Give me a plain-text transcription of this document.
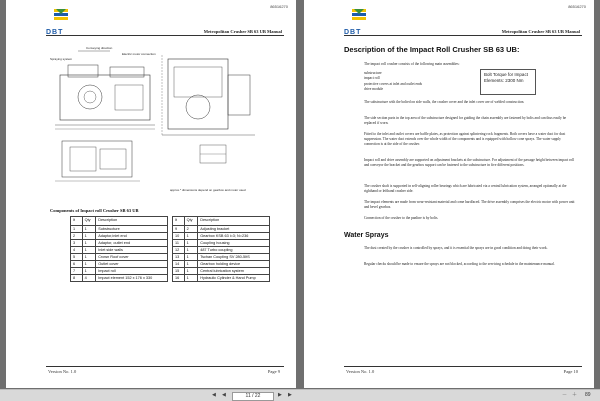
86516270
DBT	Metropolitan Crusher SB 63 UB Manual
Conveying direction
Electric motor connection
Spraying system
approx.* dimensions depend on gearbox and motor used
Components of Impact roll Crusher SB 63 UB
It	Qty	Description
1	1	Substructure
2	1	Adaptor,inlet end
3	1	Adaptor, outlet end
4	1	Inlet side walls
5	1	Crown Roof cover
6	1	Outlet cover
7	1	Impact roll
8	4	Impact element 152 x 176 x 330
It	Qty	Description
9	2	Adjusting bracket
10	1	Gearbox KSB 63 i=3; N=236
11	1	Coupling housing
12	1	487 Turbo coupling
13	1	Tschan Coupling SV 280-5ItS
14	1	Gearbox holding device
15	1	Central lubrication system
16	1	Hydraulic Cylinder & Hand Pump
Version No. 1.0	Page 9
86516270
DBT	Metropolitan Crusher SB 63 UB Manual
Description of the Impact Roll Crusher SB 63 UB:

The impact roll crusher consists of the following main assemblies:

substructure
impact roll
protective covers at inlet and outlet ends
drive module
Bolt Torque for Impact Elements: 2300 Nm

The substructure with the bolted on side walls, the crusher cover and the inlet cover are of welded construction.

The side section parts in the top area of the substructure designed for guiding the chain assembly are fastened by bolts and can thus easily be replaced if worn.

Fitted to the inlet and outlet covers are baffle plates, as protection against splintering rock fragments. Both covers have a water duct for dust suppression. The water duct extends over the whole width of the components and is equipped with hollow cone sprays. The water supply connection is at the side of the crusher.

Impact roll and drive assembly are supported on adjustment brackets at the substructure. For adjustment of the passage height between impact roll and conveyor the bracket and the gearbox support can be fastened to the substructure in five different positions.

The crusher shaft is supported in self-aligning roller bearings which are lubricated via a central lubrication system, arranged optionally at the righthand or lefthand crusher side.

The impact elements are made from wear-resistant material and come hardfaced. The drive assembly comprises the electric motor with power unit and bevel gearbox.

Connection of the crusher to the panline is by bolts.

Water Sprays

The dust created by the crusher is controlled by sprays, and it is essential the sprays are in good condition and doing their work.

Regular checks should be made to ensure the sprays are not blocked, according to the servicing schedule in the maintenance manual.

Version No. 1.0	Page 10
◀ ◀	11 / 22	▶ ▶	－ ＋ 89
